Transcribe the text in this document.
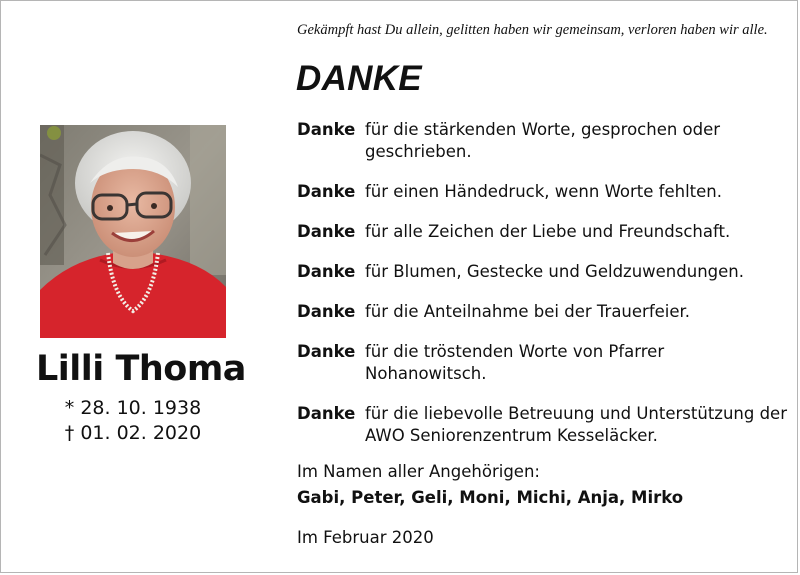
Lilli Thoma
* 28. 10. 1938
† 01. 02. 2020
Gekämpft hast Du allein, gelitten haben wir gemeinsam, verloren haben wir alle.
DANKE
Danke für die stärkenden Worte, gesprochen oder geschrieben.
Danke für einen Händedruck, wenn Worte fehlten.
Danke für alle Zeichen der Liebe und Freundschaft.
Danke für Blumen, Gestecke und Geldzuwendungen.
Danke für die Anteilnahme bei der Trauerfeier.
Danke für die tröstenden Worte von Pfarrer Nohanowitsch.
Danke für die liebevolle Betreuung und Unterstützung der AWO Seniorenzentrum Kesseläcker.
Im Namen aller Angehörigen:
Gabi, Peter, Geli, Moni, Michi, Anja, Mirko
Im Februar 2020
